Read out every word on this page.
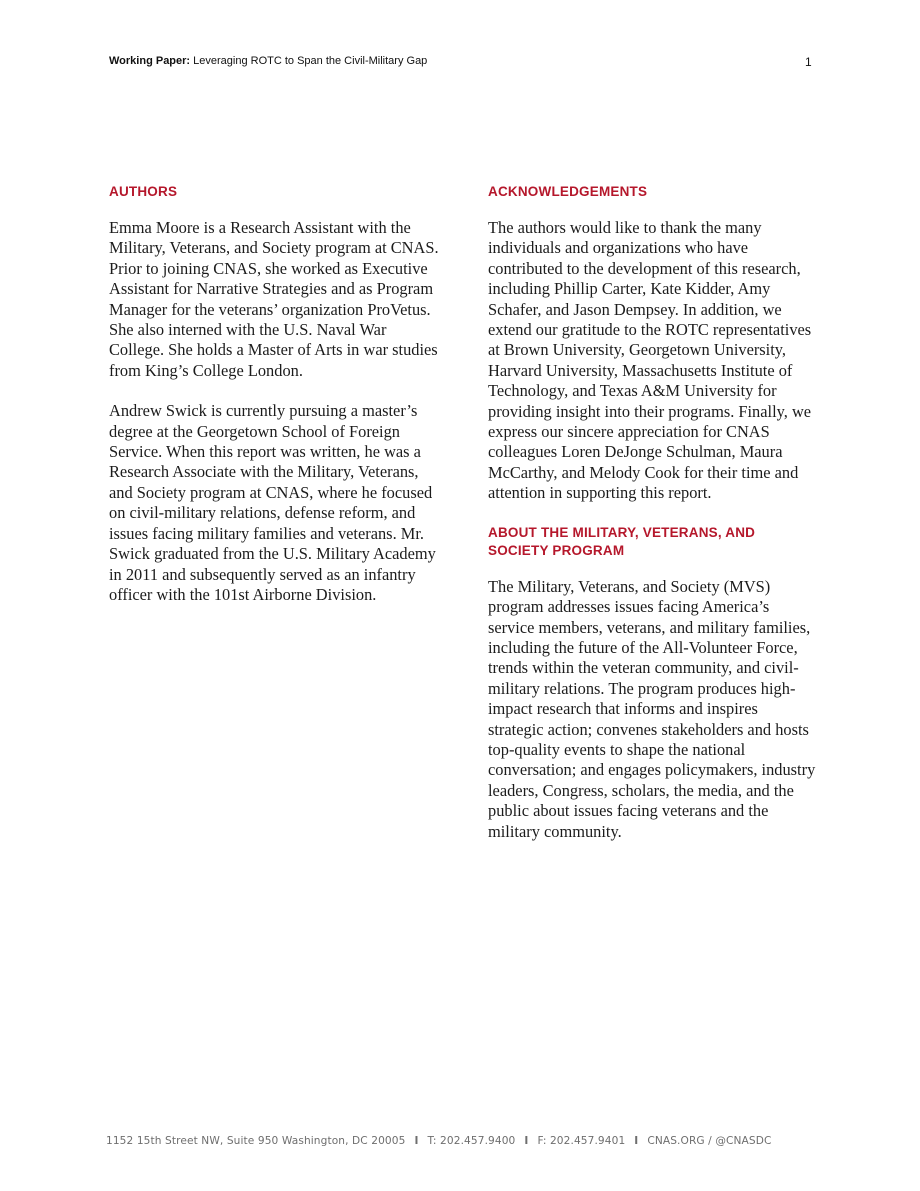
Working Paper: Leveraging ROTC to Span the Civil-Military Gap	1
AUTHORS

Emma Moore is a Research Assistant with the Military, Veterans, and Society program at CNAS. Prior to joining CNAS, she worked as Executive Assistant for Narrative Strategies and as Program Manager for the veterans’ organization ProVetus. She also interned with the U.S. Naval War College. She holds a Master of Arts in war studies from King’s College London.

Andrew Swick is currently pursuing a master’s degree at the Georgetown School of Foreign Service. When this report was written, he was a Research Associate with the Military, Veterans, and Society program at CNAS, where he focused on civil-military relations, defense reform, and issues facing military families and veterans. Mr. Swick graduated from the U.S. Military Academy in 2011 and subsequently served as an infantry officer with the 101st Airborne Division.

ACKNOWLEDGEMENTS

The authors would like to thank the many individuals and organizations who have contributed to the development of this research, including Phillip Carter, Kate Kidder, Amy Schafer, and Jason Dempsey. In addition, we extend our gratitude to the ROTC representatives at Brown University, Georgetown University, Harvard University, Massachusetts Institute of Technology, and Texas A&M University for providing insight into their programs. Finally, we express our sincere appreciation for CNAS colleagues Loren DeJonge Schulman, Maura McCarthy, and Melody Cook for their time and attention in supporting this report.

ABOUT THE MILITARY, VETERANS, AND
SOCIETY PROGRAM

The Military, Veterans, and Society (MVS) program addresses issues facing America’s service members, veterans, and military families, including the future of the All-Volunteer Force, trends within the veteran community, and civil-military relations. The program produces high-impact research that informs and inspires strategic action; convenes stakeholders and hosts top-quality events to shape the national conversation; and engages policymakers, industry leaders, Congress, scholars, the media, and the public about issues facing veterans and the military community.

1152 15th Street NW, Suite 950 Washington, DC 20005 I T: 202.457.9400 I F: 202.457.9401 I CNAS.ORG / @CNASDC
